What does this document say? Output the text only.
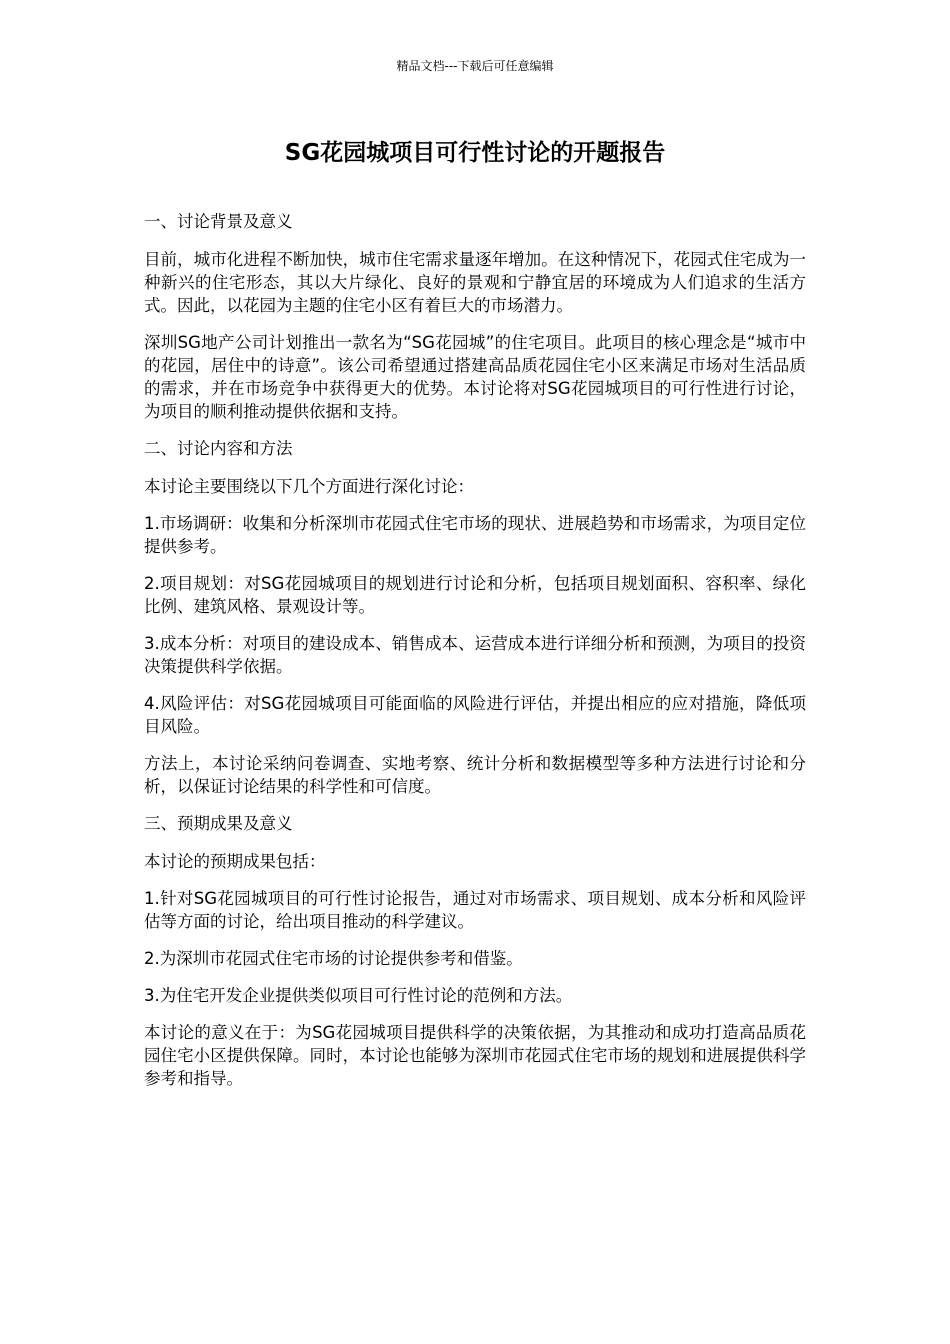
精品文档---下载后可任意编辑
SG花园城项目可行性讨论的开题报告

一、讨论背景及意义

目前，城市化进程不断加快，城市住宅需求量逐年增加。在这种情况下，花园式住宅成为一种新兴的住宅形态，其以大片绿化、良好的景观和宁静宜居的环境成为人们追求的生活方式。因此，以花园为主题的住宅小区有着巨大的市场潜力。

深圳SG地产公司计划推出一款名为“SG花园城”的住宅项目。此项目的核心理念是“城市中的花园，居住中的诗意”。该公司希望通过搭建高品质花园住宅小区来满足市场对生活品质的需求，并在市场竞争中获得更大的优势。本讨论将对SG花园城项目的可行性进行讨论，为项目的顺利推动提供依据和支持。

二、讨论内容和方法

本讨论主要围绕以下几个方面进行深化讨论：

1.市场调研：收集和分析深圳市花园式住宅市场的现状、进展趋势和市场需求，为项目定位提供参考。

2.项目规划：对SG花园城项目的规划进行讨论和分析，包括项目规划面积、容积率、绿化比例、建筑风格、景观设计等。

3.成本分析：对项目的建设成本、销售成本、运营成本进行详细分析和预测，为项目的投资决策提供科学依据。

4.风险评估：对SG花园城项目可能面临的风险进行评估，并提出相应的应对措施，降低项目风险。

方法上，本讨论采纳问卷调查、实地考察、统计分析和数据模型等多种方法进行讨论和分析，以保证讨论结果的科学性和可信度。

三、预期成果及意义

本讨论的预期成果包括：

1.针对SG花园城项目的可行性讨论报告，通过对市场需求、项目规划、成本分析和风险评估等方面的讨论，给出项目推动的科学建议。

2.为深圳市花园式住宅市场的讨论提供参考和借鉴。

3.为住宅开发企业提供类似项目可行性讨论的范例和方法。

本讨论的意义在于：为SG花园城项目提供科学的决策依据，为其推动和成功打造高品质花园住宅小区提供保障。同时，本讨论也能够为深圳市花园式住宅市场的规划和进展提供科学参考和指导。
